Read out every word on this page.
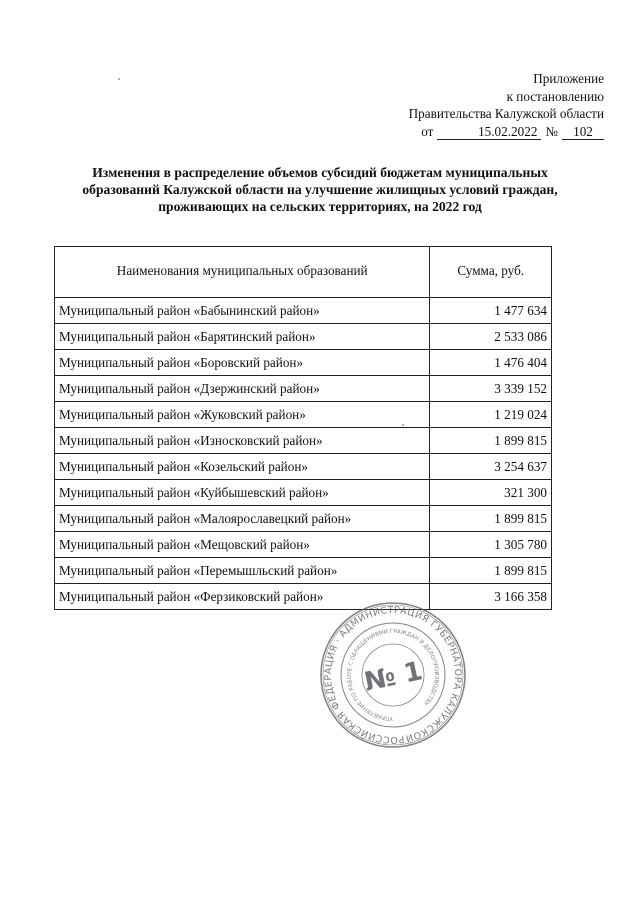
Приложение
к постановлению
Правительства Калужской области
от	15.02.2022 №	102
Изменения в распределение объемов субсидий бюджетам муниципальных
образований Калужской области на улучшение жилищных условий граждан,
проживающих на сельских территориях, на 2022 год
Наименования муниципальных образований	Сумма, руб.
Муниципальный район «Бабынинский район»	1 477 634
Муниципальный район «Барятинский район»	2 533 086
Муниципальный район «Боровский район»	1 476 404
Муниципальный район «Дзержинский район»	3 339 152
Муниципальный район «Жуковский район»	1 219 024
Муниципальный район «Износковский район»	1 899 815
Муниципальный район «Козельский район»	3 254 637
Муниципальный район «Куйбышевский район»	321 300
Муниципальный район «Малоярославецкий район»	1 899 815
Муниципальный район «Мещовский район»	1 305 780
Муниципальный район «Перемышльский район»	1 899 815
Муниципальный район «Ферзиковский район»	3 166 358
РОССИЙСКАЯ ФЕДЕРАЦИЯ · АДМИНИСТРАЦИЯ ГУБЕРНАТОРА КАЛУЖСКОЙ
УПРАВЛЕНИЕ ПО РАБОТЕ С ОБРАЩЕНИЯМИ ГРАЖДАН И ДЕЛОПРОИЗВОДСТВУ
№ 1
